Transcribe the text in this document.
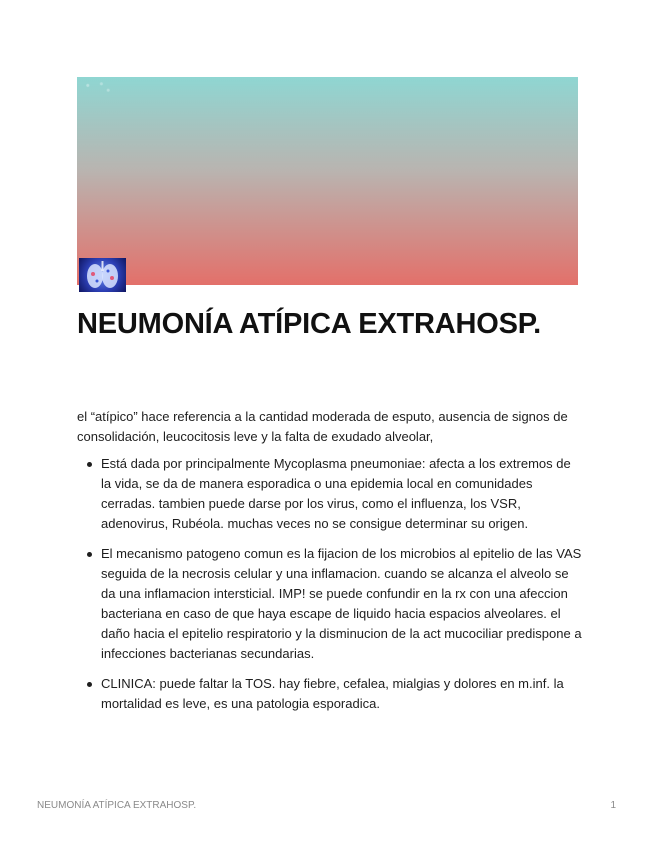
NEUMONÍA ATÍPICA EXTRAHOSP.

el “atípico” hace referencia a la cantidad moderada de esputo, ausencia de signos de consolidación, leucocitosis leve y la falta de exudado alveolar,

Está dada por principalmente Mycoplasma pneumoniae: afecta a los extremos de la vida, se da de manera esporadica o una epidemia local en comunidades cerradas. tambien puede darse por los virus, como el influenza, los VSR, adenovirus, Rubéola. muchas veces no se consigue determinar su origen.
El mecanismo patogeno comun es la fijacion de los microbios al epitelio de las VAS seguida de la necrosis celular y una inflamacion. cuando se alcanza el alveolo se da una inflamacion intersticial. IMP! se puede confundir en la rx con una afeccion bacteriana en caso de que haya escape de liquido hacia espacios alveolares. el daño hacia el epitelio respiratorio y la disminucion de la act mucociliar predispone a infecciones bacterianas secundarias.
CLINICA: puede faltar la TOS. hay fiebre, cefalea, mialgias y dolores en m.inf. la mortalidad es leve, es una patologia esporadica.
NEUMONÍA ATÍPICA EXTRAHOSP.	1
